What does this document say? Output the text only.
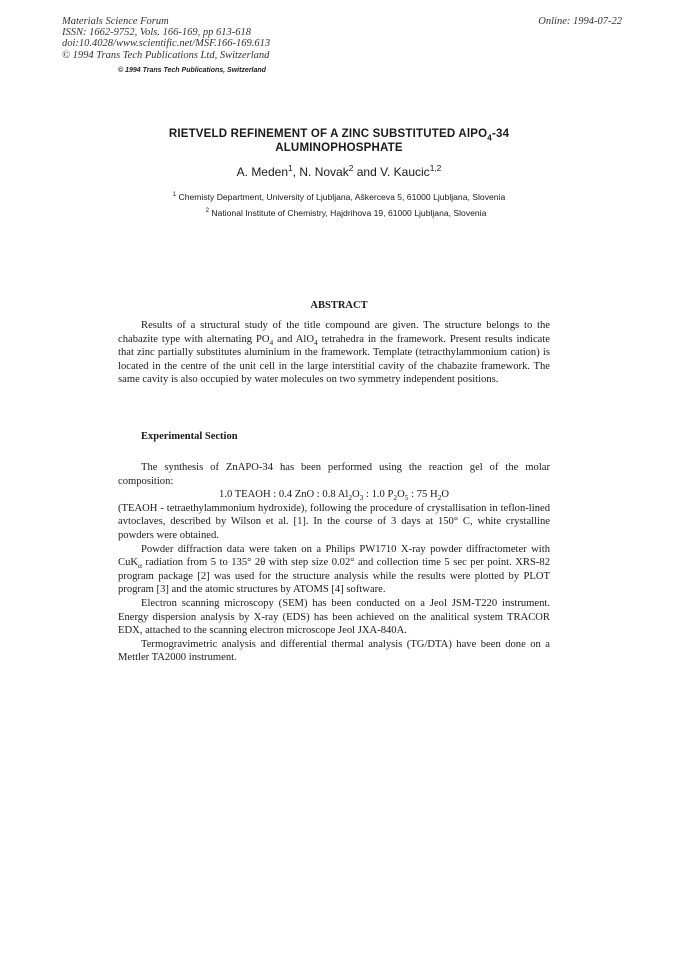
Materials Science Forum
ISSN: 1662-9752, Vols. 166-169, pp 613-618
doi:10.4028/www.scientific.net/MSF.166-169.613
© 1994 Trans Tech Publications Ltd, Switzerland
Online: 1994-07-22
© 1994 Trans Tech Publications, Switzerland
RIETVELD REFINEMENT OF A ZINC SUBSTITUTED AlPO$_4$-34
ALUMINOPHOSPHATE
A. Meden$^1$, N. Novak$^2$ and V. Kaucic$^{1,2}$
$^1$ Chemisty Department, University of Ljubljana, Aškerceva 5, 61000 Ljubljana, Slovenia
$^2$ National Institute of Chemistry, Hajdrihova 19, 61000 Ljubljana, Slovenia
ABSTRACT
Results of a structural study of the title compound are given. The structure belongs to the chabazite type with alternating $PO_4$ and AlO$_4$ tetrahedra in the framework. Present results indicate that zinc partially substitutes aluminium in the framework. Template (tetracthylammonium cation) is located in the centre of the unit cell in the large interstitial cavity of the chabazite framework. The same cavity is also occupied by water molecules on two symmetry independent positions.
Experimental Section

The synthesis of ZnAPO-34 has been performed using the reaction gel of the molar composition:

1.0 TEAOH : 0.4 ZnO : 0.8 $Al_2O_3$ : 1.0 $P_2O_5$ : 75 $H_2O$

(TEAOH - tetraethylammonium hydroxide), following the procedure of crystallisation in teflon-lined avtoclaves, described by Wilson et al. [1]. In the course of 3 days at 150° C, white crystalline powders were obtained.

Powder diffraction data were taken on a Philips PW1710 X-ray powder diffractometer with CuK$_\alpha$ radiation from 5 to 135° 2θ with step size 0.02° and collection time 5 sec per point. XRS-82 program package [2] was used for the structure analysis while the results were plotted by PLOT program [3] and the atomic structures by ATOMS [4] software.

Electron scanning microscopy (SEM) has been conducted on a Jeol JSM-T220 instrument. Energy dispersion analysis by X-ray (EDS) has been achieved on the analitical system TRACOR EDX, attached to the scanning electron microscope Jeol JXA-840A.

Termogravimetric analysis and differential thermal analysis (TG/DTA) have been done on a Mettler TA2000 instrument.
